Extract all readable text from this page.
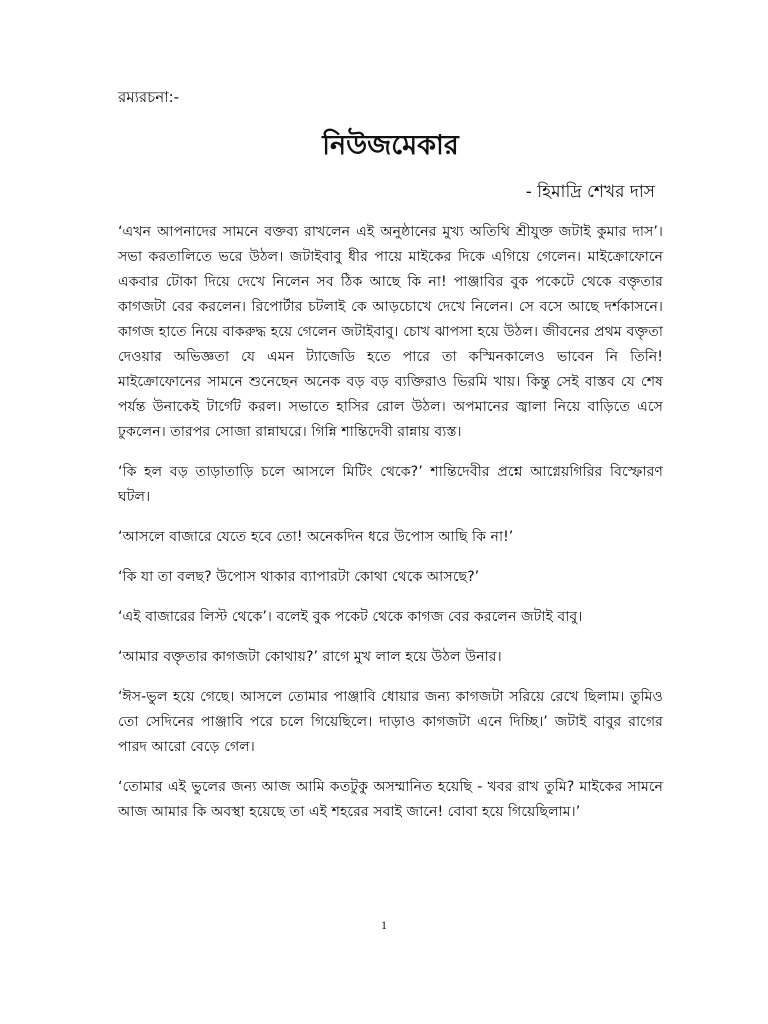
রম্যরচনা:-
নিউজমেকার
- হিমাদ্রি শেখর দাস

‘এখন আপনাদের সামনে বক্তব্য রাখলেন এই অনুষ্ঠানের মুখ্য অতিথি শ্রীযুক্ত জটাই কুমার দাস’। সভা করতালিতে ভরে উঠল। জটাইবাবু ধীর পায়ে মাইকের দিকে এগিয়ে গেলেন। মাইক্রোফোনে একবার টোকা দিয়ে দেখে নিলেন সব ঠিক আছে কি না! পাঞ্জাবির বুক পকেটে থেকে বক্তৃতার কাগজটা বের করলেন। রিপোর্টার চটলাই কে আড়চোখে দেখে নিলেন। সে বসে আছে দর্শকাসনে। কাগজ হাতে নিয়ে বাকরুদ্ধ হয়ে গেলেন জটাইবাবু। চোখ ঝাপসা হয়ে উঠল। জীবনের প্রথম বক্তৃতা দেওয়ার অভিজ্ঞতা যে এমন ট্যাজেডি হতে পারে তা কস্মিনকালেও ভাবেন নি তিনি! মাইক্রোফোনের সামনে শুনেছেন অনেক বড় বড় ব্যক্তিরাও ভিরমি খায়। কিন্তু সেই বাস্তব যে শেষ পর্যন্ত উনাকেই টার্গেট করল। সভাতে হাসির রোল উঠল। অপমানের জ্বালা নিয়ে বাড়িতে এসে ঢুকলেন। তারপর সোজা রান্নাঘরে। গিন্নি শান্তিদেবী রান্নায় ব্যস্ত।

‘কি হল বড় তাড়াতাড়ি চলে আসলে মিটিং থেকে?’ শান্তিদেবীর প্রশ্নে আগ্নেয়গিরির বিস্ফোরণ ঘটল।

‘আসলে বাজারে যেতে হবে তো! অনেকদিন ধরে উপোস আছি কি না!’

‘কি যা তা বলছ? উপোস থাকার ব্যাপারটা কোথা থেকে আসছে?’

‘এই বাজারের লিস্ট থেকে’। বলেই বুক পকেট থেকে কাগজ বের করলেন জটাই বাবু।

‘আমার বক্তৃতার কাগজটা কোথায়?’ রাগে মুখ লাল হয়ে উঠল উনার।

‘ঈস-ভুল হয়ে গেছে। আসলে তোমার পাঞ্জাবি ধোয়ার জন্য কাগজটা সরিয়ে রেখে ছিলাম। তুমিও তো সেদিনের পাঞ্জাবি পরে চলে গিয়েছিলে। দাড়াও কাগজটা এনে দিচ্ছি।’ জটাই বাবুর রাগের পারদ আরো বেড়ে গেল।

‘তোমার এই ভুলের জন্য আজ আমি কতটুকু অসম্মানিত হয়েছি - খবর রাখ তুমি? মাইকের সামনে আজ আমার কি অবস্থা হয়েছে তা এই শহরের সবাই জানে! বোবা হয়ে গিয়েছিলাম।’

1
